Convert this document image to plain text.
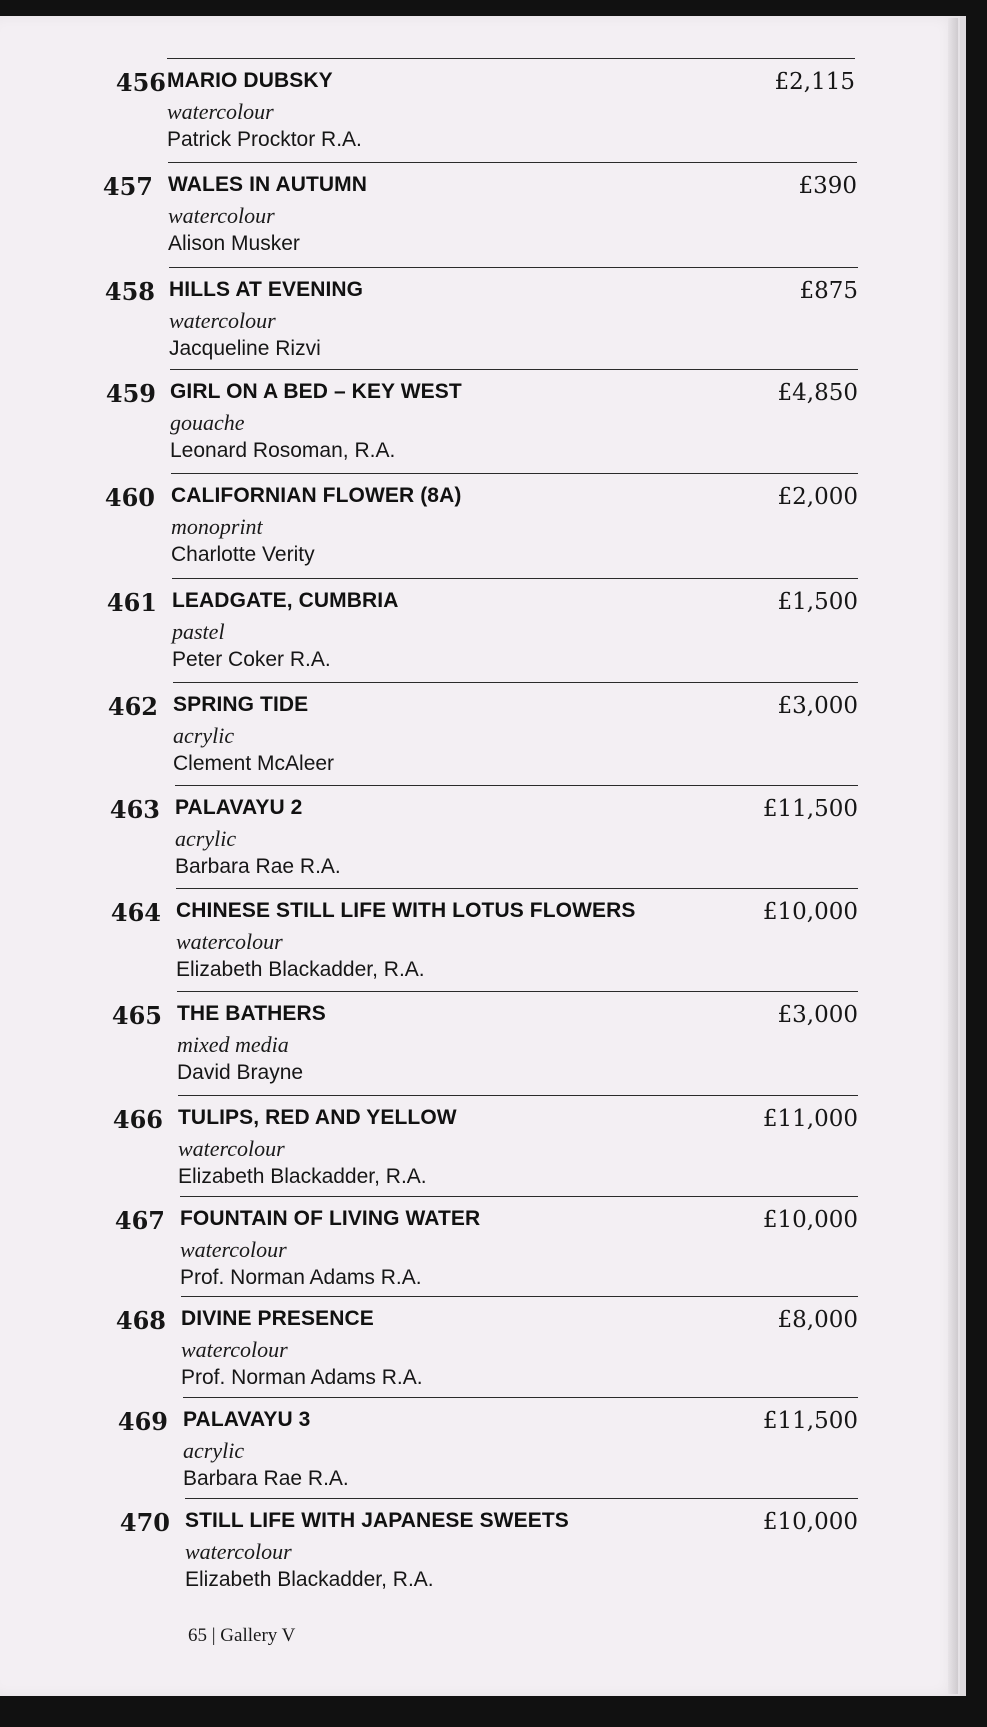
456 MARIO DUBSKY
watercolour
Patrick Procktor R.A.
£2,115
457 WALES IN AUTUMN
watercolour
Alison Musker
£390
458 HILLS AT EVENING
watercolour
Jacqueline Rizvi
£875
459 GIRL ON A BED – KEY WEST
gouache
Leonard Rosoman, R.A.
£4,850
460 CALIFORNIAN FLOWER (8A)
monoprint
Charlotte Verity
£2,000
461 LEADGATE, CUMBRIA
pastel
Peter Coker R.A.
£1,500
462 SPRING TIDE
acrylic
Clement McAleer
£3,000
463 PALAVAYU 2
acrylic
Barbara Rae R.A.
£11,500
464 CHINESE STILL LIFE WITH LOTUS FLOWERS
watercolour
Elizabeth Blackadder, R.A.
£10,000
465 THE BATHERS
mixed media
David Brayne
£3,000
466 TULIPS, RED AND YELLOW
watercolour
Elizabeth Blackadder, R.A.
£11,000
467 FOUNTAIN OF LIVING WATER
watercolour
Prof. Norman Adams R.A.
£10,000
468 DIVINE PRESENCE
watercolour
Prof. Norman Adams R.A.
£8,000
469 PALAVAYU 3
acrylic
Barbara Rae R.A.
£11,500
470 STILL LIFE WITH JAPANESE SWEETS
watercolour
Elizabeth Blackadder, R.A.
£10,000
65 | Gallery V
